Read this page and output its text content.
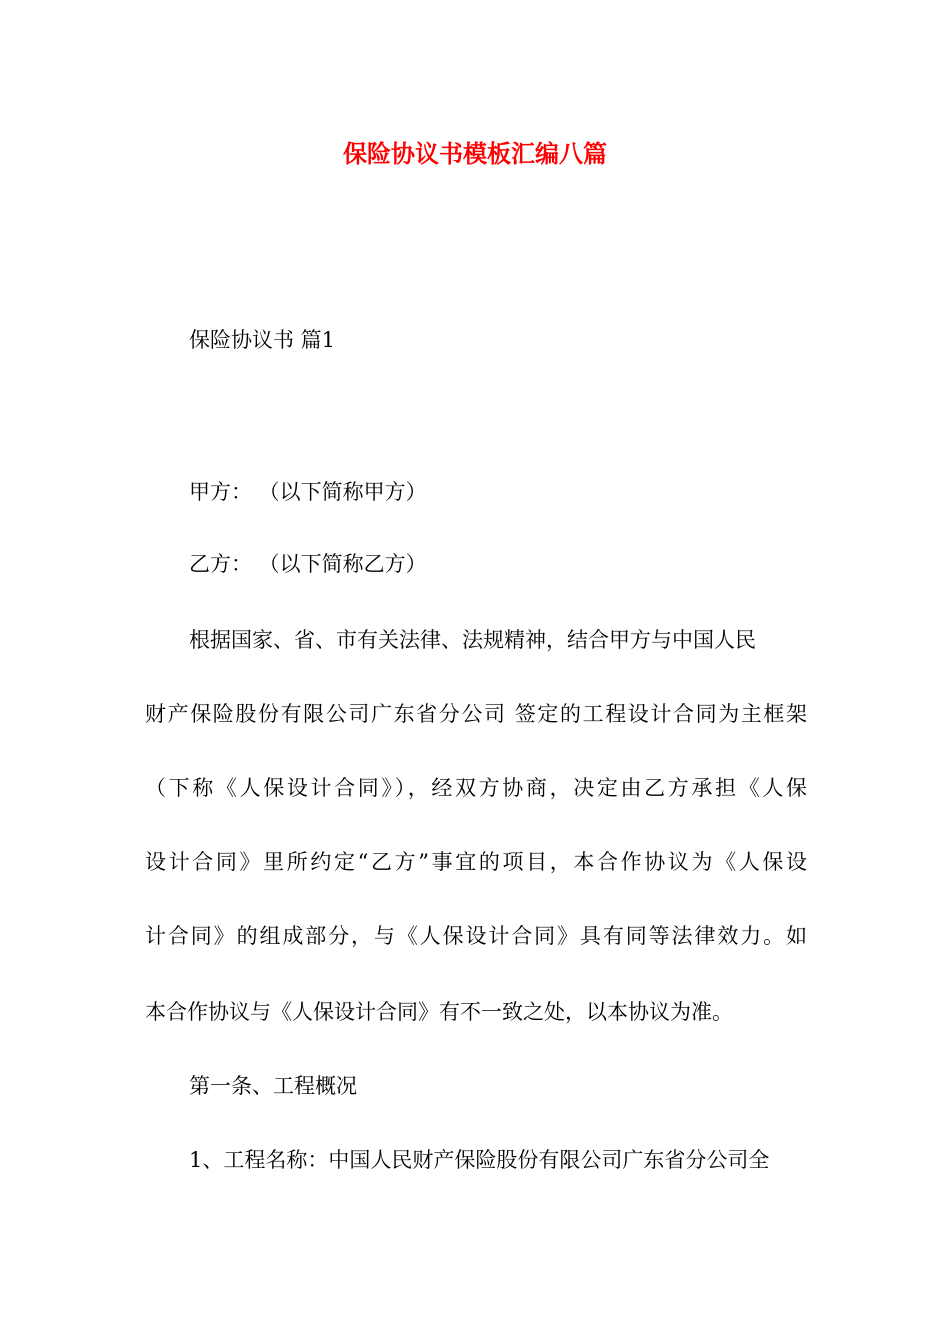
保险协议书模板汇编八篇

保险协议书 篇1

甲方： （以下简称甲方）

乙方： （以下简称乙方）

根据国家、省、市有关法律、法规精神，结合甲方与中国人民

财产保险股份有限公司广东省分公司 签定的工程设计合同为主框架

（下称《人保设计合同》），经双方协商，决定由乙方承担《人保

设计合同》里所约定“乙方”事宜的项目，本合作协议为《人保设

计合同》的组成部分，与《人保设计合同》具有同等法律效力。如

本合作协议与《人保设计合同》有不一致之处，以本协议为准。

第一条、工程概况

1、工程名称：中国人民财产保险股份有限公司广东省分公司全
